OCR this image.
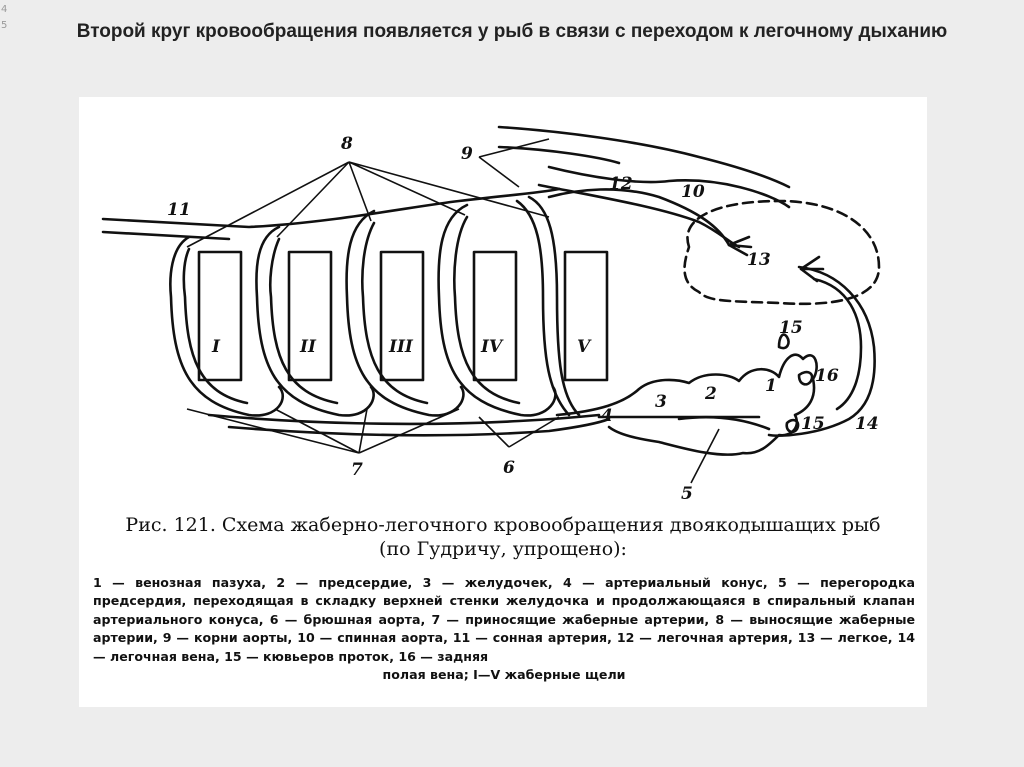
4
5	Второй круг кровообращения появляется у рыб в связи с переходом к легочному дыханию
I	II	III	IV	V
8	9
11
12	10
13
15
16
1
2
3
4	15 14
7	6
5
Рис. 121. Схема жаберно-легочного кровообращения двоякодышащих рыб
(по Гудричу, упрощено):
1 — венозная пазуха, 2 — предсердие, 3 — желудочек, 4 — артериальный конус, 5 — перегородка предсердия, переходящая в складку верхней стенки желудочка и продолжающаяся в спиральный клапан артериального конуса, 6 — брюшная аорта, 7 — приносящие жаберные артерии, 8 — выносящие жаберные артерии, 9 — корни аорты, 10 — спинная аорта, 11 — сонная артерия, 12 — легочная артерия, 13 — легкое, 14 — легочная вена, 15 — кювьеров проток, 16 — задняя
полая вена; I—V жаберные щели
